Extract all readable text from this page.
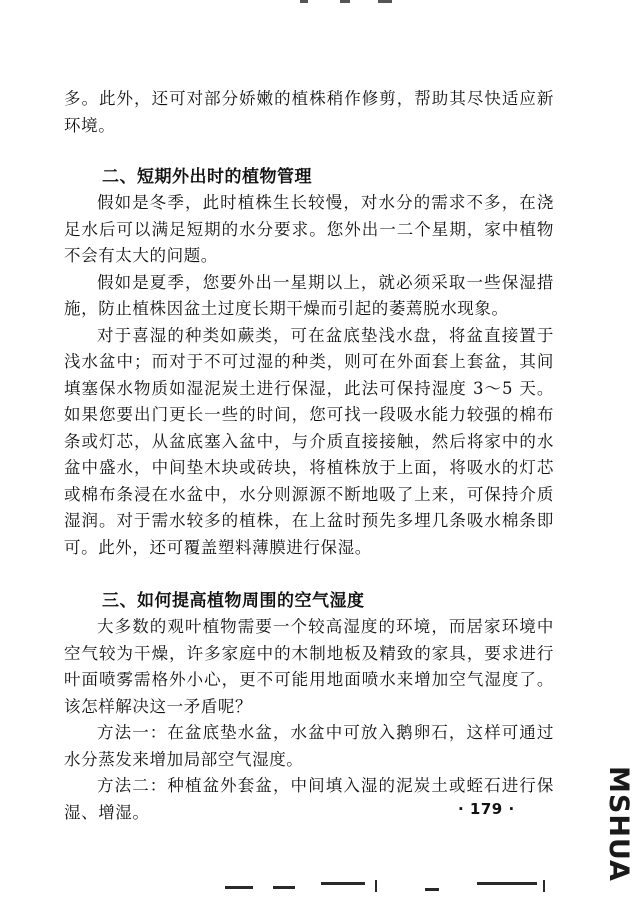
多。此外，还可对部分娇嫩的植株稍作修剪，帮助其尽快适应新环境。

二、短期外出时的植物管理

假如是冬季，此时植株生长较慢，对水分的需求不多，在浇足水后可以满足短期的水分要求。您外出一二个星期，家中植物不会有太大的问题。

假如是夏季，您要外出一星期以上，就必须采取一些保湿措施，防止植株因盆土过度长期干燥而引起的萎蔫脱水现象。

对于喜湿的种类如蕨类，可在盆底垫浅水盘，将盆直接置于浅水盆中；而对于不可过湿的种类，则可在外面套上套盆，其间填塞保水物质如湿泥炭土进行保湿，此法可保持湿度 3～5 天。如果您要出门更长一些的时间，您可找一段吸水能力较强的棉布条或灯芯，从盆底塞入盆中，与介质直接接触，然后将家中的水盆中盛水，中间垫木块或砖块，将植株放于上面，将吸水的灯芯或棉布条浸在水盆中，水分则源源不断地吸了上来，可保持介质湿润。对于需水较多的植株，在上盆时预先多埋几条吸水棉条即可。此外，还可覆盖塑料薄膜进行保湿。

三、如何提高植物周围的空气湿度

大多数的观叶植物需要一个较高湿度的环境，而居家环境中空气较为干燥，许多家庭中的木制地板及精致的家具，要求进行叶面喷雾需格外小心，更不可能用地面喷水来增加空气湿度了。该怎样解决这一矛盾呢？

方法一：在盆底垫水盆，水盆中可放入鹅卵石，这样可通过水分蒸发来增加局部空气湿度。

方法二：种植盆外套盆，中间填入湿的泥炭土或蛭石进行保湿、增湿。	· 179 ·	MSHUA
